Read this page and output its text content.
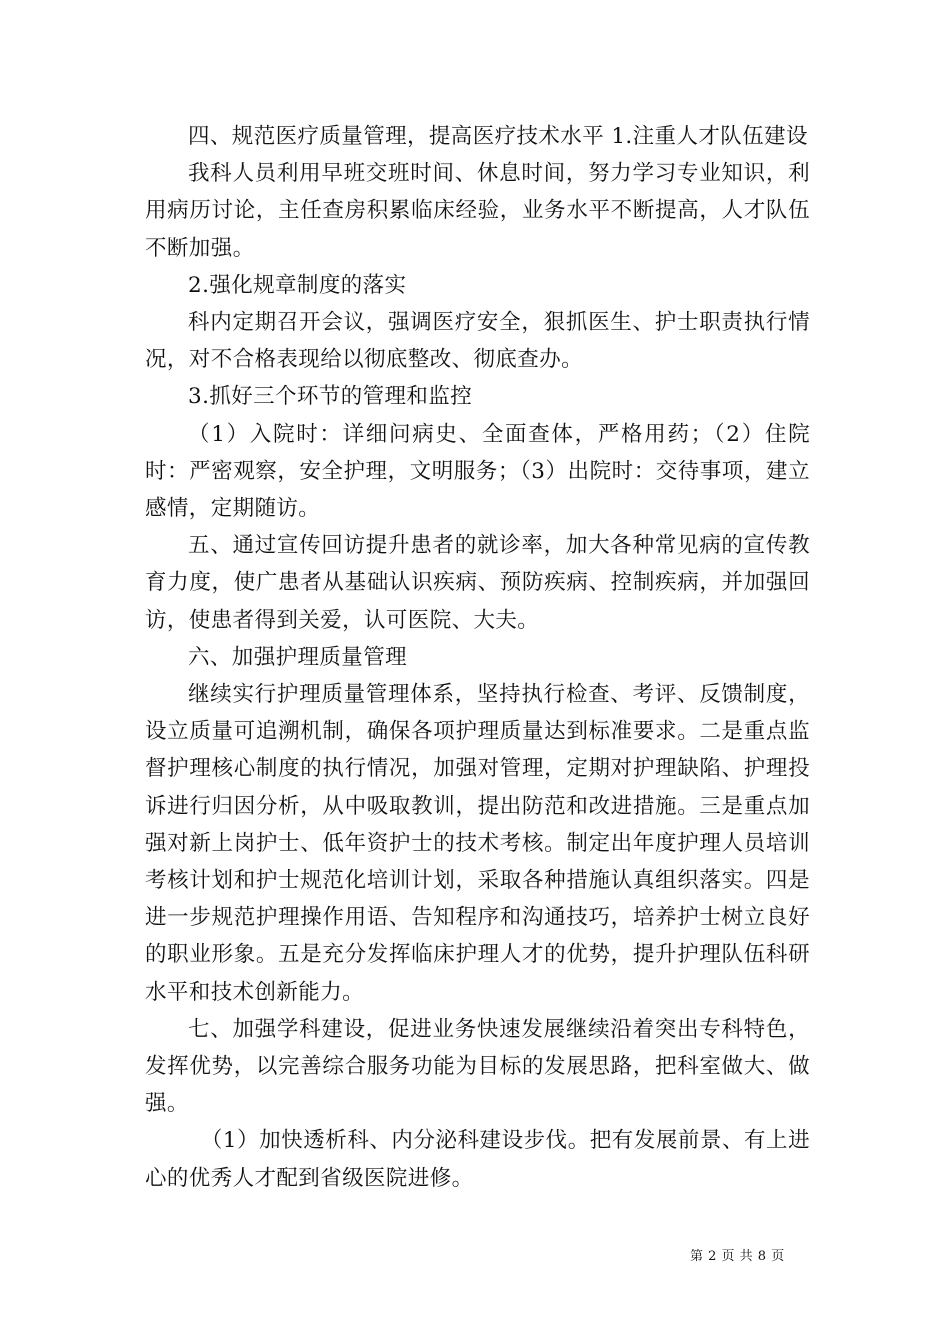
四、规范医疗质量管理，提高医疗技术水平 1.注重人才队伍建设

我科人员利用早班交班时间、休息时间，努力学习专业知识，利用病历讨论，主任查房积累临床经验，业务水平不断提高，人才队伍不断加强。

2.强化规章制度的落实

科内定期召开会议，强调医疗安全，狠抓医生、护士职责执行情况，对不合格表现给以彻底整改、彻底查办。

3.抓好三个环节的管理和监控

（1）入院时：详细问病史、全面查体，严格用药；（2）住院时：严密观察，安全护理，文明服务；（3）出院时：交待事项，建立感情，定期随访。

五、通过宣传回访提升患者的就诊率，加大各种常见病的宣传教育力度，使广患者从基础认识疾病、预防疾病、控制疾病，并加强回访，使患者得到关爱，认可医院、大夫。

六、加强护理质量管理

继续实行护理质量管理体系，坚持执行检查、考评、反馈制度，设立质量可追溯机制，确保各项护理质量达到标准要求。二是重点监督护理核心制度的执行情况，加强对管理，定期对护理缺陷、护理投诉进行归因分析，从中吸取教训，提出防范和改进措施。三是重点加强对新上岗护士、低年资护士的技术考核。制定出年度护理人员培训考核计划和护士规范化培训计划，采取各种措施认真组织落实。四是进一步规范护理操作用语、告知程序和沟通技巧，培养护士树立良好的职业形象。五是充分发挥临床护理人才的优势，提升护理队伍科研水平和技术创新能力。

七、加强学科建设，促进业务快速发展继续沿着突出专科特色，发挥优势，以完善综合服务功能为目标的发展思路，把科室做大、做强。

（1）加快透析科、内分泌科建设步伐。把有发展前景、有上进心的优秀人才配到省级医院进修。

第 2 页 共 8 页
